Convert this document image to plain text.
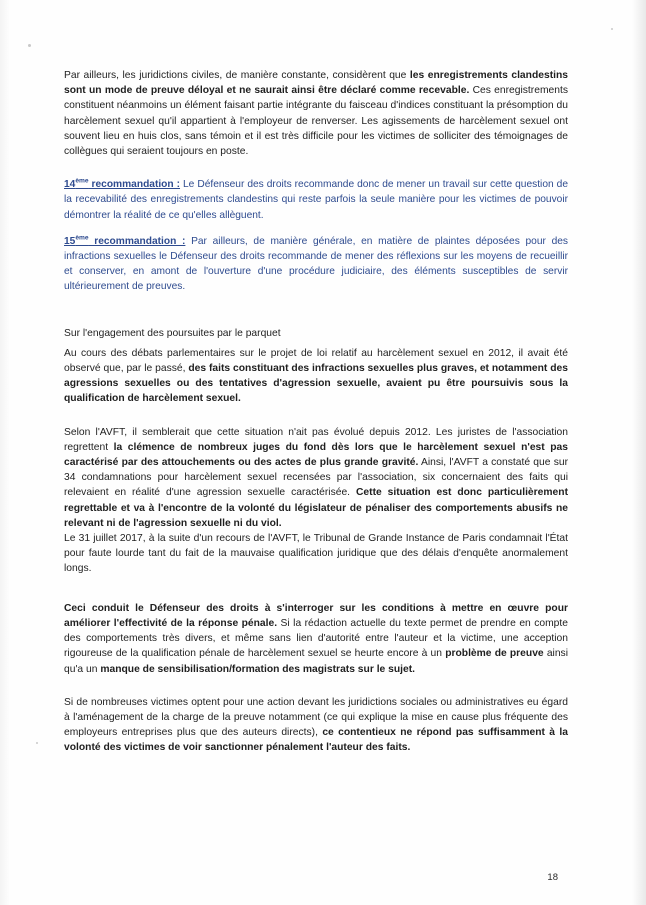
Par ailleurs, les juridictions civiles, de manière constante, considèrent que les enregistrements clandestins sont un mode de preuve déloyal et ne saurait ainsi être déclaré comme recevable. Ces enregistrements constituent néanmoins un élément faisant partie intégrante du faisceau d'indices constituant la présomption du harcèlement sexuel qu'il appartient à l'employeur de renverser. Les agissements de harcèlement sexuel ont souvent lieu en huis clos, sans témoin et il est très difficile pour les victimes de solliciter des témoignages de collègues qui seraient toujours en poste.

14ème recommandation : Le Défenseur des droits recommande donc de mener un travail sur cette question de la recevabilité des enregistrements clandestins qui reste parfois la seule manière pour les victimes de pouvoir démontrer la réalité de ce qu'elles allèguent.

15ème recommandation : Par ailleurs, de manière générale, en matière de plaintes déposées pour des infractions sexuelles le Défenseur des droits recommande de mener des réflexions sur les moyens de recueillir et conserver, en amont de l'ouverture d'une procédure judiciaire, des éléments susceptibles de servir ultérieurement de preuves.

Sur l'engagement des poursuites par le parquet

Au cours des débats parlementaires sur le projet de loi relatif au harcèlement sexuel en 2012, il avait été observé que, par le passé, des faits constituant des infractions sexuelles plus graves, et notamment des agressions sexuelles ou des tentatives d'agression sexuelle, avaient pu être poursuivis sous la qualification de harcèlement sexuel.

Selon l'AVFT, il semblerait que cette situation n'ait pas évolué depuis 2012. Les juristes de l'association regrettent la clémence de nombreux juges du fond dès lors que le harcèlement sexuel n'est pas caractérisé par des attouchements ou des actes de plus grande gravité. Ainsi, l'AVFT a constaté que sur 34 condamnations pour harcèlement sexuel recensées par l'association, six concernaient des faits qui relevaient en réalité d'une agression sexuelle caractérisée. Cette situation est donc particulièrement regrettable et va à l'encontre de la volonté du législateur de pénaliser des comportements abusifs ne relevant ni de l'agression sexuelle ni du viol.

Le 31 juillet 2017, à la suite d'un recours de l'AVFT, le Tribunal de Grande Instance de Paris condamnait l'État pour faute lourde tant du fait de la mauvaise qualification juridique que des délais d'enquête anormalement longs.

Ceci conduit le Défenseur des droits à s'interroger sur les conditions à mettre en œuvre pour améliorer l'effectivité de la réponse pénale. Si la rédaction actuelle du texte permet de prendre en compte des comportements très divers, et même sans lien d'autorité entre l'auteur et la victime, une acception rigoureuse de la qualification pénale de harcèlement sexuel se heurte encore à un problème de preuve ainsi qu'a un manque de sensibilisation/formation des magistrats sur le sujet.

Si de nombreuses victimes optent pour une action devant les juridictions sociales ou administratives eu égard à l'aménagement de la charge de la preuve notamment (ce qui explique la mise en cause plus fréquente des employeurs entreprises plus que des auteurs directs), ce contentieux ne répond pas suffisamment à la volonté des victimes de voir sanctionner pénalement l'auteur des faits.

18
